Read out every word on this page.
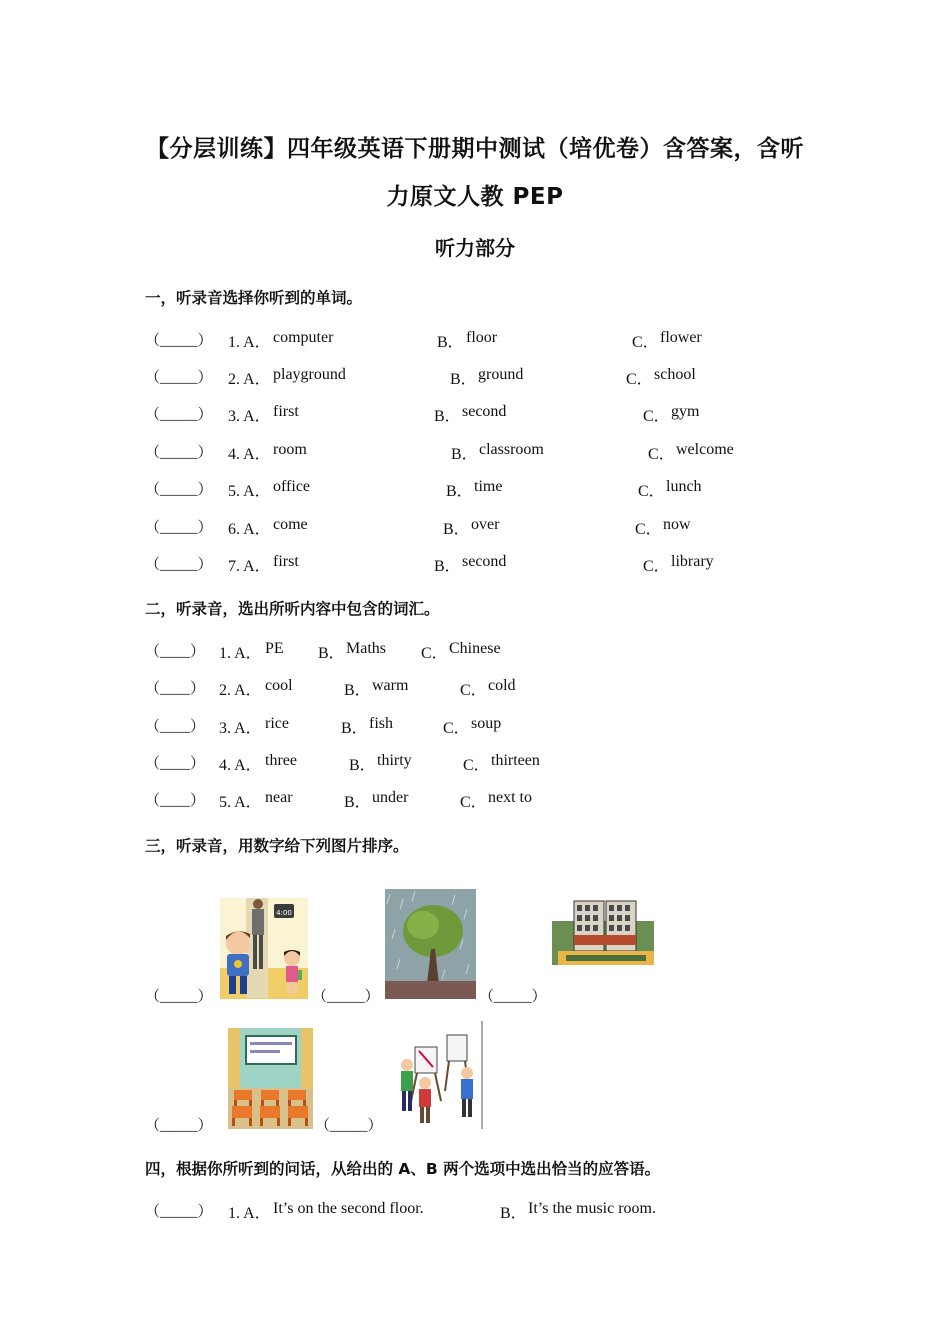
【分层训练】四年级英语下册期中测试（培优卷）含答案，含听
力原文人教 PEP
听力部分
一，听录音选择你听到的单词。
（_____） 1. A． computer	B． floor	C． flower
（_____） 2. A． playground	B． ground	C． school
（_____） 3. A． first	B． second	C． gym
（_____） 4. A． room	B． classroom	C． welcome
（_____） 5. A． office	B． time	C． lunch
（_____） 6. A． come	B． over	C． now
（_____） 7. A． first	B． second	C． library
二，听录音，选出所听内容中包含的词汇。
（____） 1. A． PE B． Maths C． Chinese
（____） 2. A． cool	B． warm	C． cold
（____） 3. A． rice	B． fish	C． soup
（____） 4. A． three	B． thirty	C． thirteen
（____） 5. A． near	B． under	C． next to
三，听录音，用数字给下列图片排序。
4:00
（_____）	（_____）	（_____）
（_____）	（_____）
四，根据你所听到的问话，从给出的 A、B 两个选项中选出恰当的应答语。
（_____） 1. A． It’s on the second floor.	B． It’s the music room.
